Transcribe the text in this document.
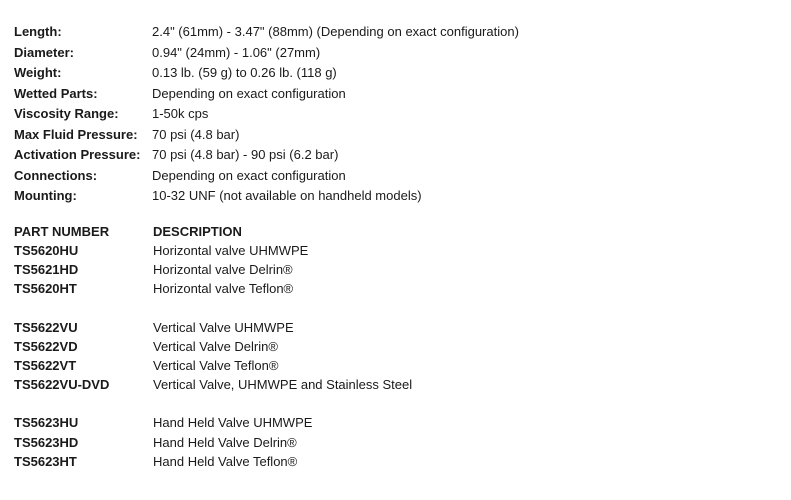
Length:	2.4" (61mm) - 3.47" (88mm) (Depending on exact configuration)
Diameter:	0.94" (24mm) - 1.06" (27mm)
Weight:	0.13 lb. (59 g) to 0.26 lb. (118 g)
Wetted Parts:	Depending on exact configuration
Viscosity Range:	1-50k cps
Max Fluid Pressure:	70 psi (4.8 bar)
Activation Pressure: 70 psi (4.8 bar) - 90 psi (6.2 bar)
Connections:	Depending on exact configuration
Mounting:	10-32 UNF (not available on handheld models)
PART NUMBER	DESCRIPTION
TS5620HU	Horizontal valve UHMWPE
TS5621HD	Horizontal valve Delrin®
TS5620HT	Horizontal valve Teflon®
TS5622VU	Vertical Valve UHMWPE
TS5622VD	Vertical Valve Delrin®
TS5622VT	Vertical Valve Teflon®
TS5622VU-DVD	Vertical Valve, UHMWPE and Stainless Steel
TS5623HU	Hand Held Valve UHMWPE
TS5623HD	Hand Held Valve Delrin®
TS5623HT	Hand Held Valve Teflon®
